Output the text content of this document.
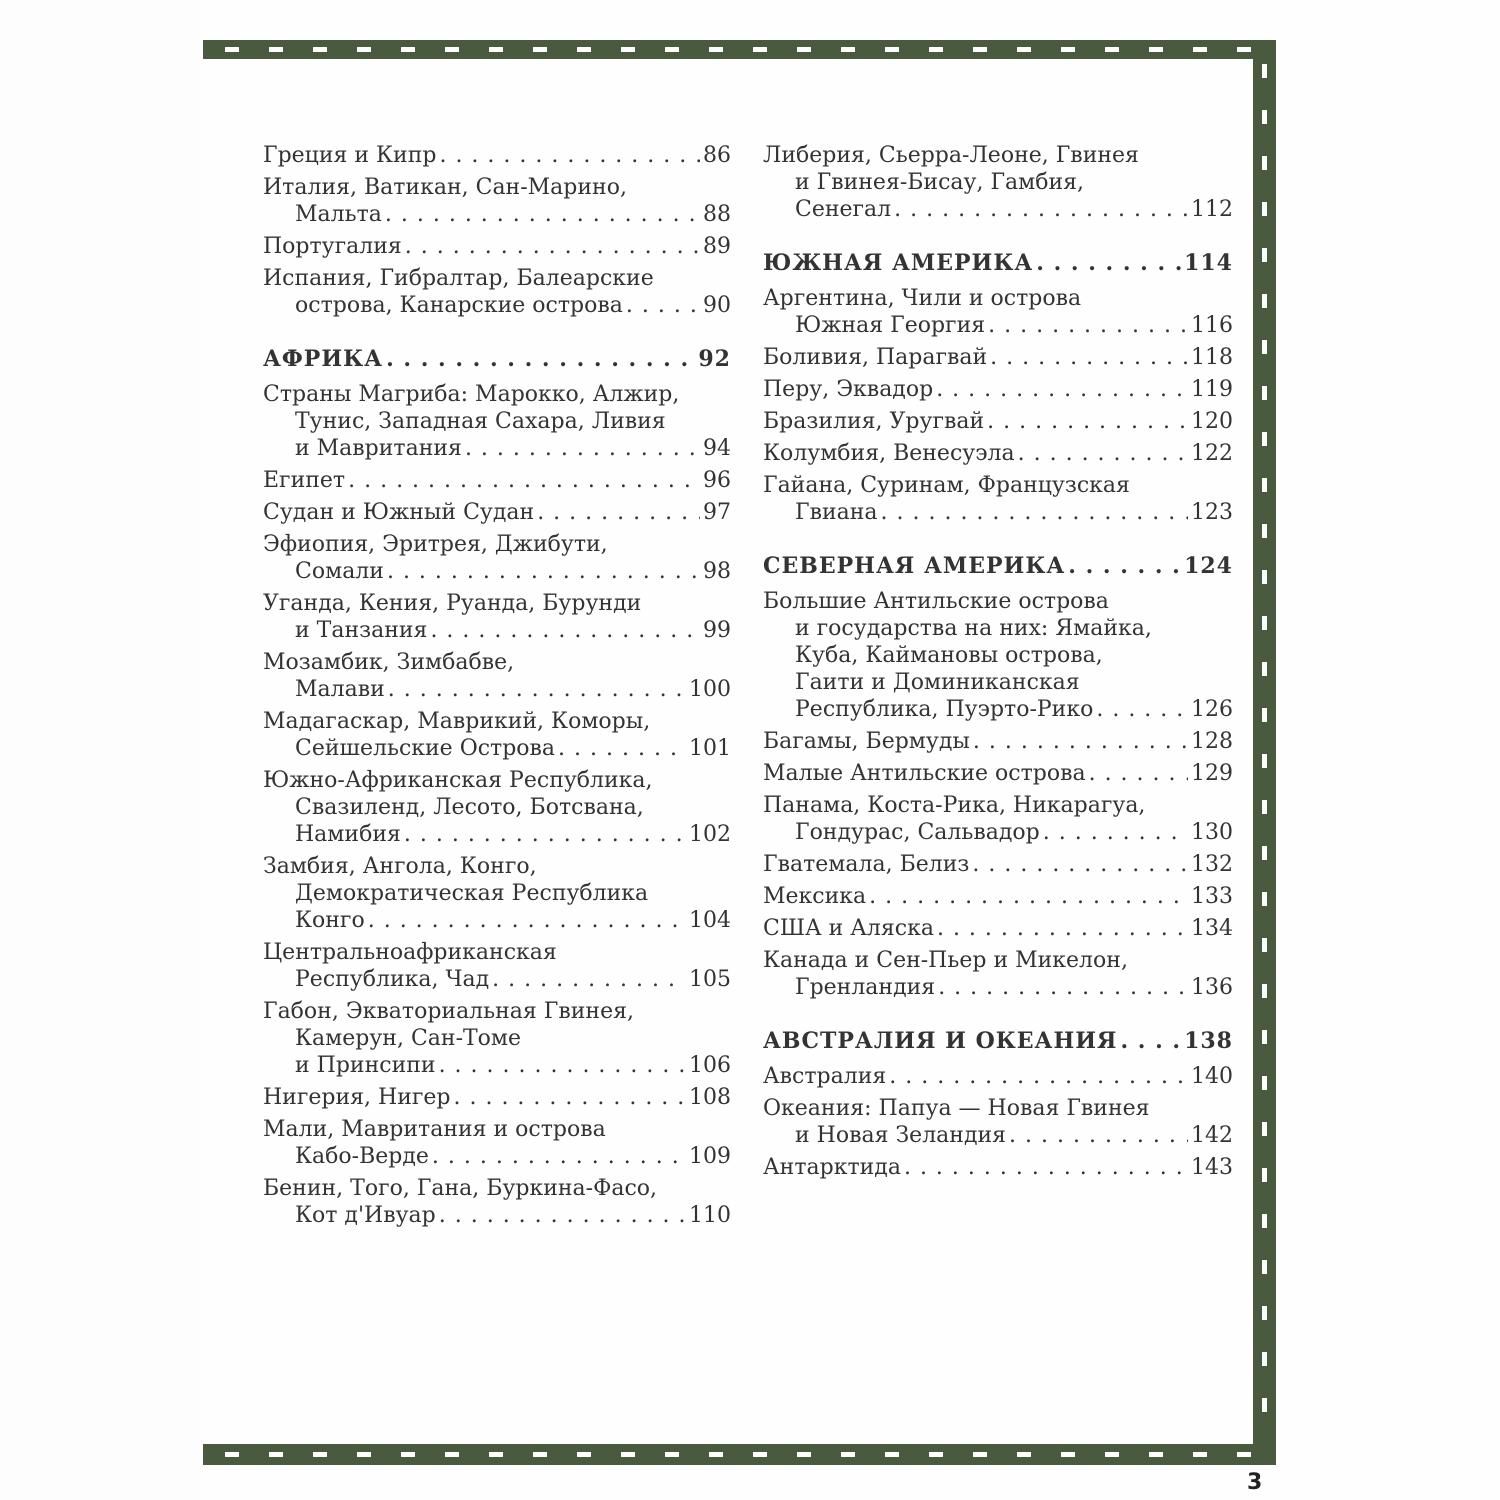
Греция и Кипр . . .	86
Италия, Ватикан, Сан-Марино,
Мальта . . .	88
Португалия . . .	89
Испания, Гибралтар, Балеарские
острова, Канарские острова . . .	90
АФРИКА . . .	92
Страны Магриба: Марокко, Алжир,
Тунис, Западная Сахара, Ливия
и Мавритания . . .	94
Египет . . .	96
Судан и Южный Судан . . .	97
Эфиопия, Эритрея, Джибути,
Сомали . . .	98
Уганда, Кения, Руанда, Бурунди
и Танзания . . .	99
Мозамбик, Зимбабве,
Малави . . .	100
Мадагаскар, Маврикий, Коморы,
Сейшельские Острова . . .	101
Южно-Африканская Республика,
Свазиленд, Лесото, Ботсвана,
Намибия . . .	102
Замбия, Ангола, Конго,
Демократическая Республика
Конго . . .	104
Центральноафриканская
Республика, Чад . . .	105
Габон, Экваториальная Гвинея,
Камерун, Сан-Томе
и Принсипи . . .	106
Нигерия, Нигер . . .	108
Мали, Мавритания и острова
Кабо-Верде . . .	109
Бенин, Того, Гана, Буркина-Фасо,
Кот д'Ивуар . . .	110
Либерия, Сьерра-Леоне, Гвинея
и Гвинея-Бисау, Гамбия,
Сенегал . . .	112
ЮЖНАЯ АМЕРИКА . . .	114
Аргентина, Чили и острова
Южная Георгия . . .	116
Боливия, Парагвай . . .	118
Перу, Эквадор . . .	119
Бразилия, Уругвай . . .	120
Колумбия, Венесуэла . . .	122
Гайана, Суринам, Французская
Гвиана . . .	123
СЕВЕРНАЯ АМЕРИКА . . .	124
Большие Антильские острова
и государства на них: Ямайка,
Куба, Каймановы острова,
Гаити и Доминиканская
Республика, Пуэрто-Рико . . .	126
Багамы, Бермуды . . .	128
Малые Антильские острова . . .	129
Панама, Коста-Рика, Никарагуа,
Гондурас, Сальвадор . . .	130
Гватемала, Белиз . . .	132
Мексика . . .	133
США и Аляска . . .	134
Канада и Сен-Пьер и Микелон,
Гренландия . . .	136
АВСТРАЛИЯ И ОКЕАНИЯ . . .	138
Австралия . . .	140
Океания: Папуа — Новая Гвинея
и Новая Зеландия . . .	142
Антарктида . . .	143
3
